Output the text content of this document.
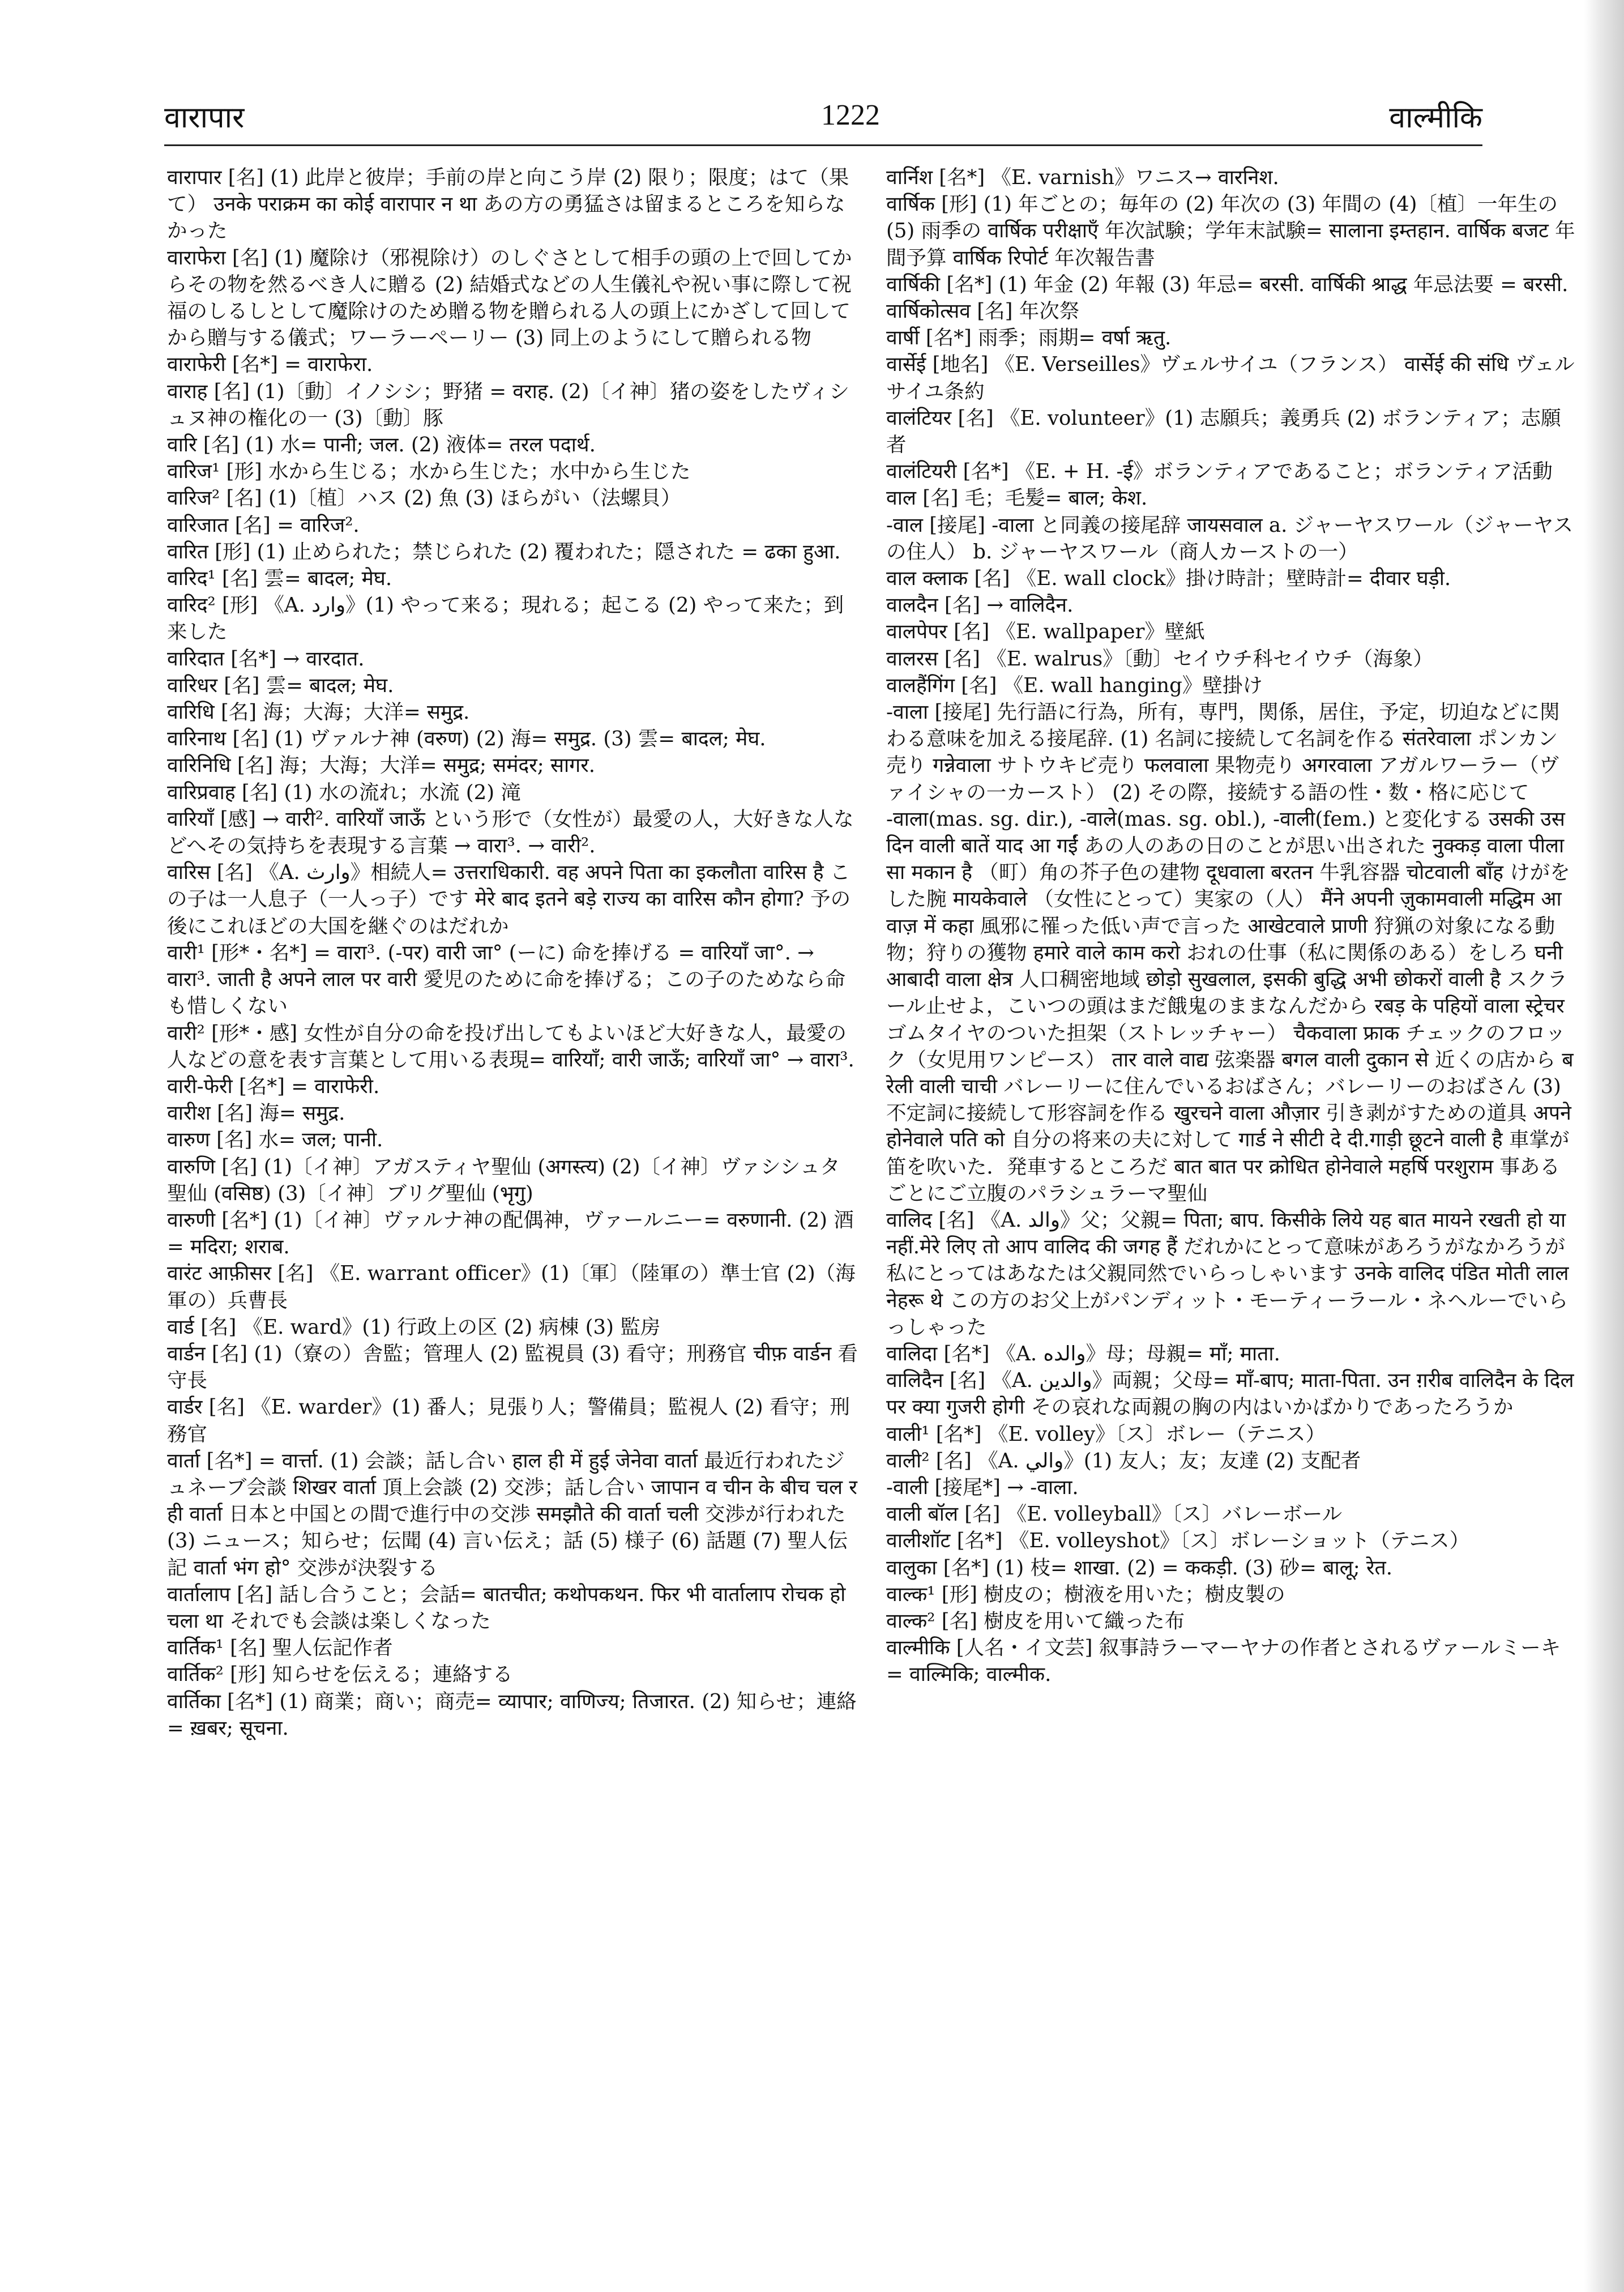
वारापार	1222	वाल्मीकि
वारापार [名] (1) 此岸と彼岸；手前の岸と向こう岸 (2) 限り；限度；はて（果て） उनके पराक्रम का कोई वारापार न था あの方の勇猛さは留まるところを知らなかった
वाराफेरा [名] (1) 魔除け（邪視除け）のしぐさとして相手の頭の上で回してからその物を然るべき人に贈る (2) 結婚式などの人生儀礼や祝い事に際して祝福のしるしとして魔除けのため贈る物を贈られる人の頭上にかざして回してから贈与する儀式；ワーラーペーリー (3) 同上のようにして贈られる物
वाराफेरी [名*] = वाराफेरा.
वाराह [名] (1)〔動〕イノシシ；野猪 = वराह. (2)〔イ神〕猪の姿をしたヴィシュヌ神の権化の一 (3)〔動〕豚
वारि [名] (1) 水= पानी; जल. (2) 液体= तरल पदार्थ.
वारिज¹ [形] 水から生じる；水から生じた；水中から生じた
वारिज² [名] (1)〔植〕ハス (2) 魚 (3) ほらがい（法螺貝）
वारिजात [名] = वारिज².
वारित [形] (1) 止められた；禁じられた (2) 覆われた；隠された = ढका हुआ.
वारिद¹ [名] 雲= बादल; मेघ.
वारिद² [形] 《A. وارد》(1) やって来る；現れる；起こる (2) やって来た；到来した
वारिदात [名*] → वारदात.
वारिधर [名] 雲= बादल; मेघ.
वारिधि [名] 海；大海；大洋= समुद्र.
वारिनाथ [名] (1) ヴァルナ神 (वरुण) (2) 海= समुद्र. (3) 雲= बादल; मेघ.
वारिनिधि [名] 海；大海；大洋= समुद्र; समंदर; सागर.
वारिप्रवाह [名] (1) 水の流れ；水流 (2) 滝
वारियाँ [感] → वारी². वारियाँ जाऊँ という形で（女性が）最愛の人，大好きな人などへその気持ちを表現する言葉 → वारा³. → वारी².
वारिस [名] 《A. وارث》相続人= उत्तराधिकारी. वह अपने पिता का इकलौता वारिस है この子は一人息子（一人っ子）です मेरे बाद इतने बड़े राज्य का वारिस कौन होगा? 予の後にこれほどの大国を継ぐのはだれか
वारी¹ [形*・名*] = वारा³. (-पर) वारी जा° (ーに) 命を捧げる = वारियाँ जा°. → वारा³. जाती है अपने लाल पर वारी 愛児のために命を捧げる；この子のためなら命も惜しくない
वारी² [形*・感] 女性が自分の命を投げ出してもよいほど大好きな人，最愛の人などの意を表す言葉として用いる表現= वारियाँ; वारी जाऊँ; वारियाँ जा° → वारा³.
वारी-फेरी [名*] = वाराफेरी.
वारीश [名] 海= समुद्र.
वारुण [名] 水= जल; पानी.
वारुणि [名] (1)〔イ神〕アガスティヤ聖仙 (अगस्त्य) (2)〔イ神〕ヴァシシュタ聖仙 (वसिष्ठ) (3)〔イ神〕ブリグ聖仙 (भृगु)
वारुणी [名*] (1)〔イ神〕ヴァルナ神の配偶神，ヴァールニー= वरुणानी. (2) 酒= मदिरा; शराब.
वारंट आफ़ीसर [名] 《E. warrant officer》(1)〔軍〕（陸軍の）準士官 (2)（海軍の）兵曹長
वार्ड [名] 《E. ward》(1) 行政上の区 (2) 病棟 (3) 監房
वार्डन [名] (1)（寮の）舎監；管理人 (2) 監視員 (3) 看守；刑務官 चीफ़ वार्डन 看守長
वार्डर [名] 《E. warder》(1) 番人；見張り人；警備員；監視人 (2) 看守；刑務官
वार्ता [名*] = वार्त्ता. (1) 会談；話し合い हाल ही में हुई जेनेवा वार्ता 最近行われたジュネーブ会談 शिखर वार्ता 頂上会談 (2) 交渉；話し合い जापान व चीन के बीच चल रही वार्ता 日本と中国との間で進行中の交渉 समझौते की वार्ता चली 交渉が行われた (3) ニュース；知らせ；伝聞 (4) 言い伝え；話 (5) 様子 (6) 話題 (7) 聖人伝記 वार्ता भंग हो° 交渉が決裂する
वार्तालाप [名] 話し合うこと；会話= बातचीत; कथोपकथन. फिर भी वार्तालाप रोचक हो चला था それでも会談は楽しくなった
वार्तिक¹ [名] 聖人伝記作者
वार्तिक² [形] 知らせを伝える；連絡する
वार्तिका [名*] (1) 商業；商い；商売= व्यापार; वाणिज्य; तिजारत. (2) 知らせ；連絡= ख़बर; सूचना.
वार्निश [名*] 《E. varnish》ワニス→ वारनिश.
वार्षिक [形] (1) 年ごとの；毎年の (2) 年次の (3) 年間の (4)〔植〕一年生の (5) 雨季の वार्षिक परीक्षाएँ 年次試験；学年末試験= सालाना इम्तहान. वार्षिक बजट 年間予算 वार्षिक रिपोर्ट 年次報告書
वार्षिकी [名*] (1) 年金 (2) 年報 (3) 年忌= बरसी. वार्षिकी श्राद्ध 年忌法要 = बरसी.
वार्षिकोत्सव [名] 年次祭
वार्षी [名*] 雨季；雨期= वर्षा ऋतु.
वार्सेई [地名] 《E. Verseilles》ヴェルサイユ（フランス） वार्सेई की संधि ヴェルサイユ条約
वालंटियर [名] 《E. volunteer》(1) 志願兵；義勇兵 (2) ボランティア；志願者
वालंटियरी [名*] 《E. + H. -ई》ボランティアであること；ボランティア活動
वाल [名] 毛；毛髪= बाल; केश.
-वाल [接尾] -वाला と同義の接尾辞 जायसवाल a. ジャーヤスワール（ジャーヤスの住人） b. ジャーヤスワール（商人カーストの一）
वाल क्लाक [名] 《E. wall clock》掛け時計；壁時計= दीवार घड़ी.
वालदैन [名] → वालिदैन.
वालपेपर [名] 《E. wallpaper》壁紙
वालरस [名] 《E. walrus》〔動〕セイウチ科セイウチ（海象）
वालहैंगिंग [名] 《E. wall hanging》壁掛け
-वाला [接尾] 先行語に行為，所有，専門，関係，居住，予定，切迫などに関わる意味を加える接尾辞. (1) 名詞に接続して名詞を作る संतरेवाला ポンカン売り गन्नेवाला サトウキビ売り फलवाला 果物売り अगरवाला アガルワーラー（ヴァイシャの一カースト） (2) その際，接続する語の性・数・格に応じて -वाला(mas. sg. dir.), -वाले(mas. sg. obl.), -वाली(fem.) と変化する उसकी उस दिन वाली बातें याद आ गईं あの人のあの日のことが思い出された नुक्कड़ वाला पीला सा मकान है （町）角の芥子色の建物 दूधवाला बरतन 牛乳容器 चोटवाली बाँह けがをした腕 मायकेवाले （女性にとって）実家の（人） मैंने अपनी ज़ुकामवाली मद्धिम आवाज़ में कहा 風邪に罹った低い声で言った आखेटवाले प्राणी 狩猟の対象になる動物；狩りの獲物 हमारे वाले काम करो おれの仕事（私に関係のある）をしろ घनी आबादी वाला क्षेत्र 人口稠密地域 छोड़ो सुखलाल, इसकी बुद्धि अभी छोकरों वाली है スクラール止せよ，こいつの頭はまだ餓鬼のままなんだから रबड़ के पहियों वाला स्ट्रेचर ゴムタイヤのついた担架（ストレッチャー） चैकवाला फ्राक チェックのフロック（女児用ワンピース） तार वाले वाद्य 弦楽器 बगल वाली दुकान से 近くの店から बरेली वाली चाची バレーリーに住んでいるおばさん；バレーリーのおばさん (3) 不定詞に接続して形容詞を作る खुरचने वाला औज़ार 引き剥がすための道具 अपने होनेवाले पति को 自分の将来の夫に対して गार्ड ने सीटी दे दी.गाड़ी छूटने वाली है 車掌が笛を吹いた．発車するところだ बात बात पर क्रोधित होनेवाले महर्षि परशुराम 事あるごとにご立腹のパラシュラーマ聖仙
वालिद [名] 《A. والد》父；父親= पिता; बाप. किसीके लिये यह बात मायने रखती हो या नहीं.मेरे लिए तो आप वालिद की जगह हैं だれかにとって意味があろうがなかろうが私にとってはあなたは父親同然でいらっしゃいます उनके वालिद पंडित मोती लाल नेहरू थे この方のお父上がパンディット・モーティーラール・ネヘルーでいらっしゃった
वालिदा [名*] 《A. والده》母；母親= माँ; माता.
वालिदैन [名] 《A. والدين》両親；父母= माँ-बाप; माता-पिता. उन ग़रीब वालिदैन के दिल पर क्या गुजरी होगी その哀れな両親の胸の内はいかばかりであったろうか
वाली¹ [名*] 《E. volley》〔ス〕ボレー（テニス）
वाली² [名] 《A. والي》(1) 友人；友；友達 (2) 支配者
-वाली [接尾*] → -वाला.
वाली बॉल [名] 《E. volleyball》〔ス〕バレーボール
वालीशॉट [名*] 《E. volleyshot》〔ス〕ボレーショット（テニス）
वालुका [名*] (1) 枝= शाखा. (2) = ककड़ी. (3) 砂= बालू; रेत.
वाल्क¹ [形] 樹皮の；樹液を用いた；樹皮製の
वाल्क² [名] 樹皮を用いて織った布
वाल्मीकि [人名・イ文芸] 叙事詩ラーマーヤナの作者とされるヴァールミーキ= वाल्मिकि; वाल्मीक.
